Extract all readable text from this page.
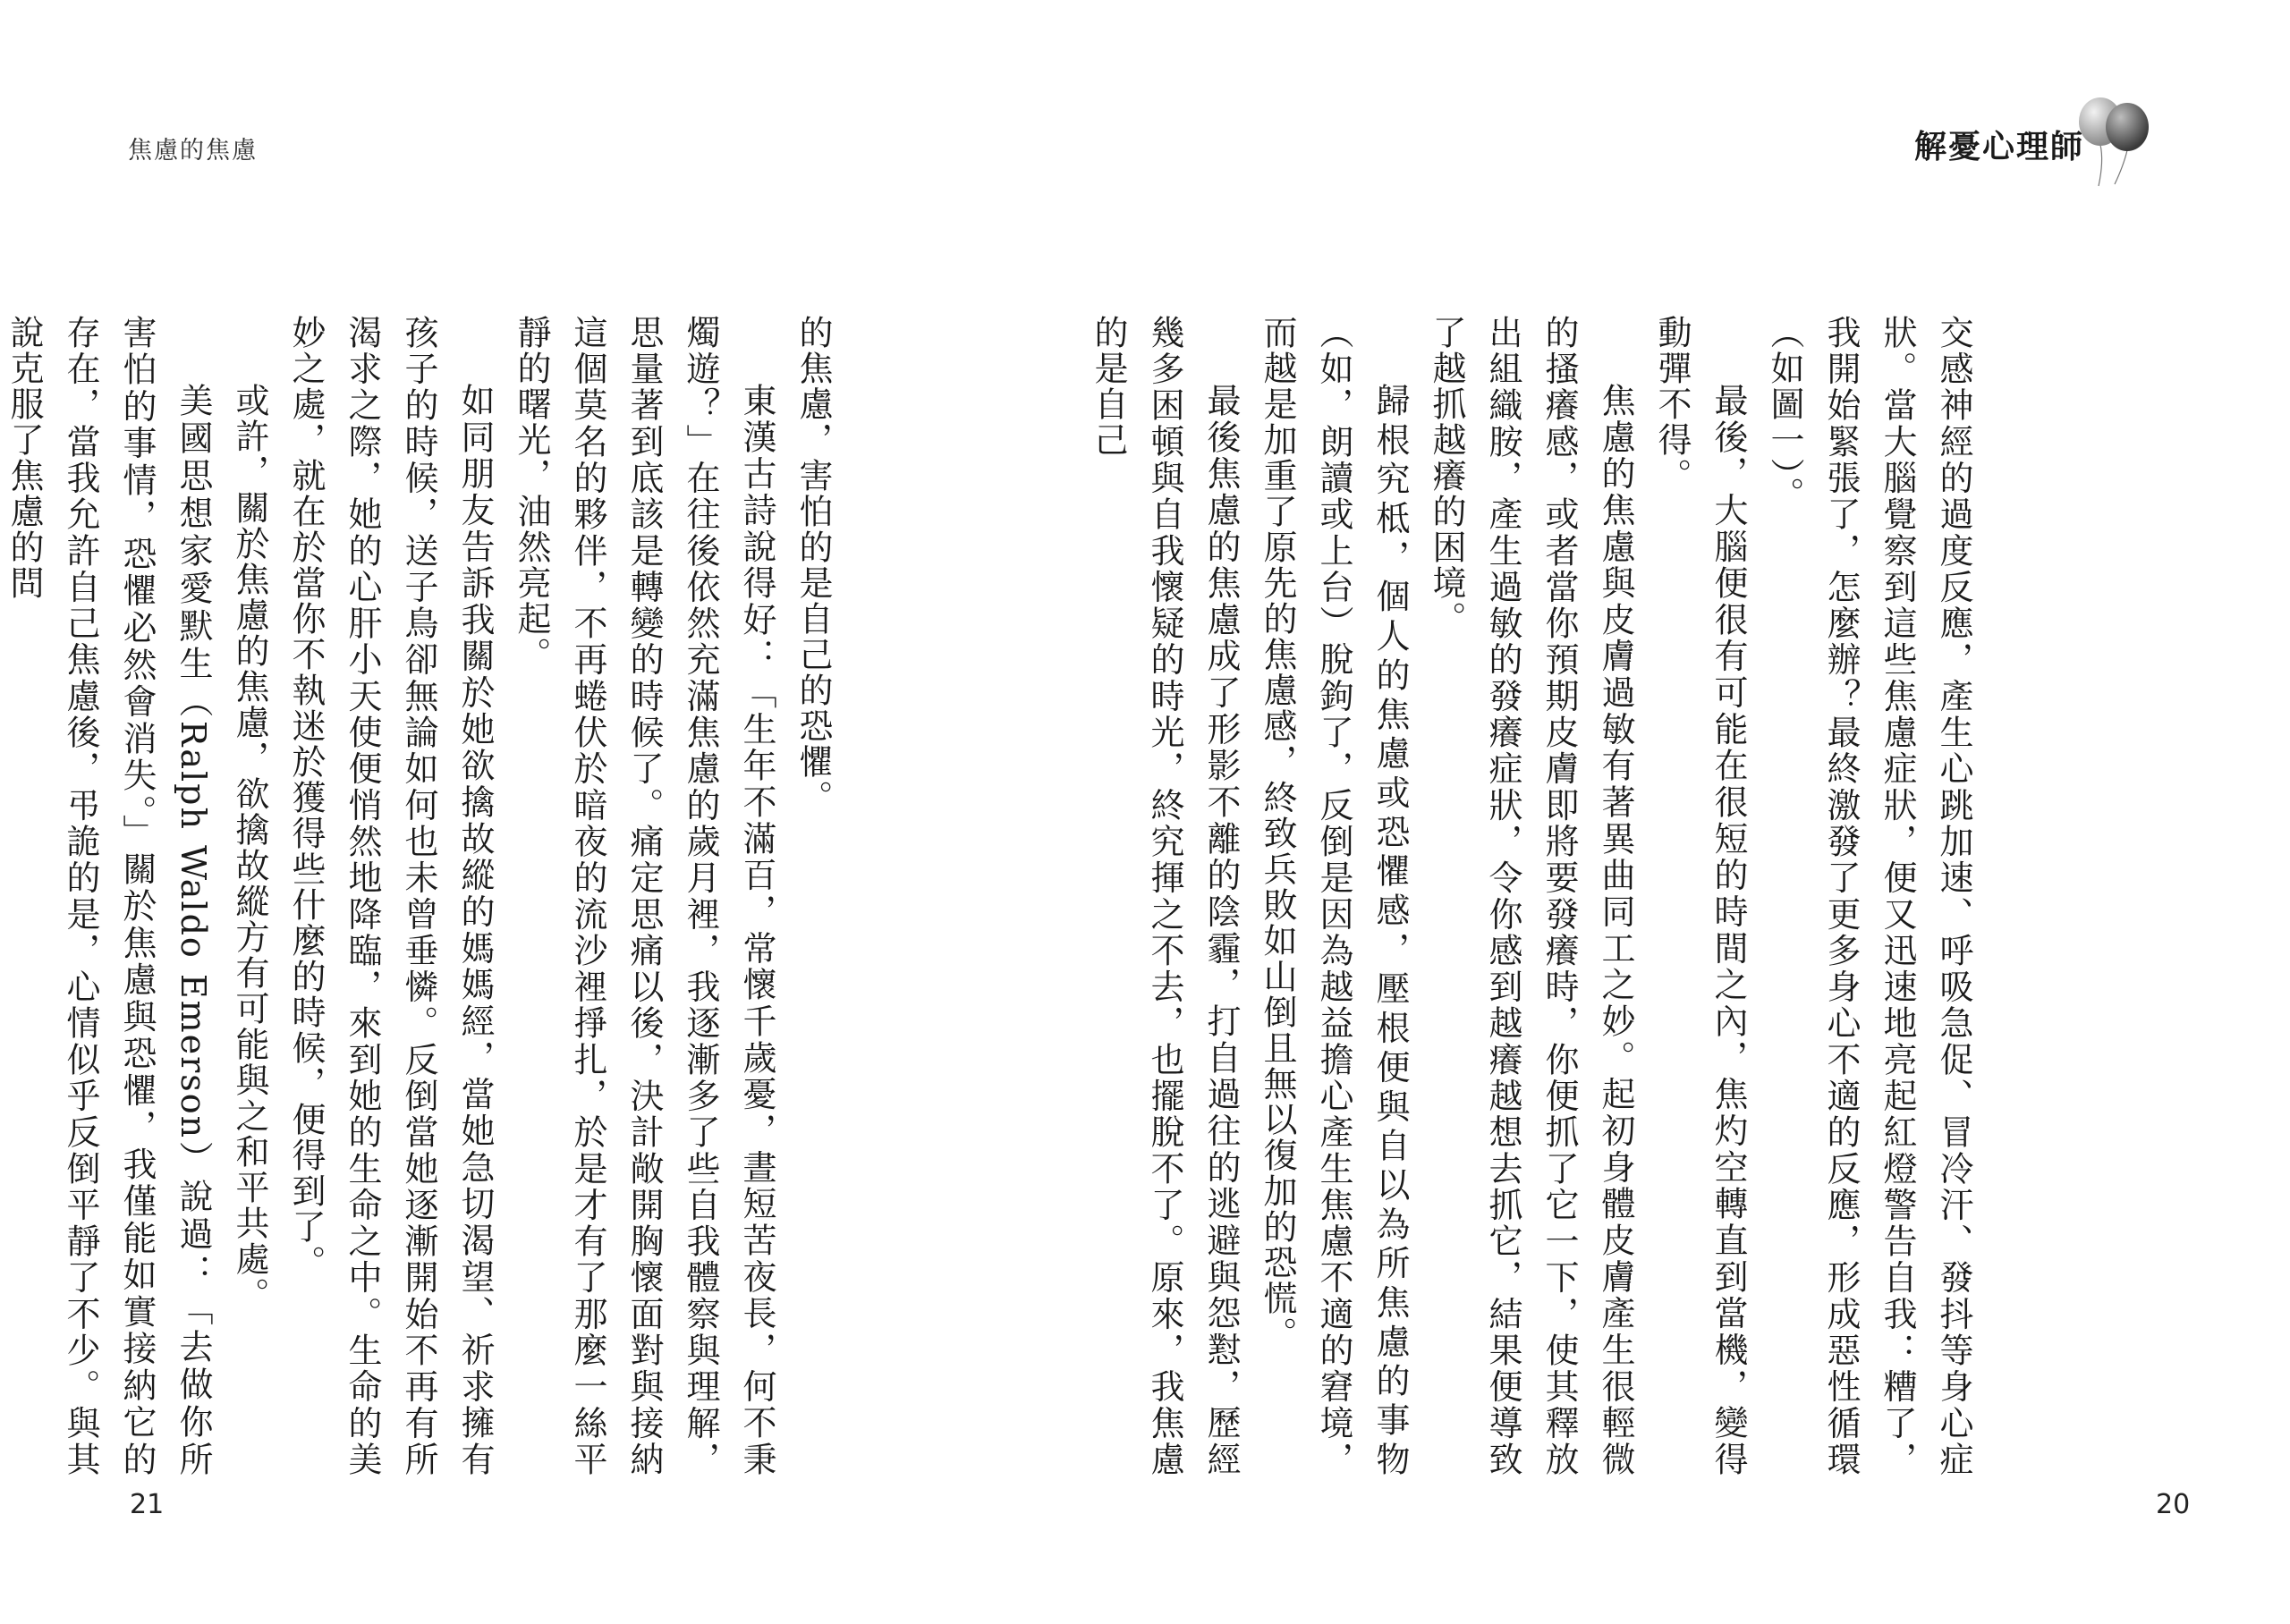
焦慮的焦慮	解憂心理師

交感神經的過度反應，產生心跳加速、呼吸急促、冒冷汗、發抖等身心症狀。當大腦覺察到這些焦慮症狀，便又迅速地亮起紅燈警告自我：糟了，我開始緊張了，怎麼辦？最終激發了更多身心不適的反應，形成惡性循環（如圖一）。

最後，大腦便很有可能在很短的時間之內，焦灼空轉直到當機，變得動彈不得。

焦慮的焦慮與皮膚過敏有著異曲同工之妙。起初身體皮膚產生很輕微的搔癢感，或者當你預期皮膚即將要發癢時，你便抓了它一下，使其釋放出組織胺，產生過敏的發癢症狀，令你感到越癢越想去抓它，結果便導致了越抓越癢的困境。

歸根究柢，個人的焦慮或恐懼感，壓根便與自以為所焦慮的事物（如，朗讀或上台）脫鉤了，反倒是因為越益擔心產生焦慮不適的窘境，而越是加重了原先的焦慮感，終致兵敗如山倒且無以復加的恐慌。

最後焦慮的焦慮成了形影不離的陰霾，打自過往的逃避與怨懟，歷經幾多困頓與自我懷疑的時光，終究揮之不去，也擺脫不了。原來，我焦慮的是自己

的焦慮，害怕的是自己的恐懼。

東漢古詩說得好：「生年不滿百，常懷千歲憂，晝短苦夜長，何不秉燭遊？」在往後依然充滿焦慮的歲月裡，我逐漸多了些自我體察與理解，思量著到底該是轉變的時候了。痛定思痛以後，決計敞開胸懷面對與接納這個莫名的夥伴，不再蜷伏於暗夜的流沙裡掙扎，於是才有了那麼一絲平靜的曙光，油然亮起。

如同朋友告訴我關於她欲擒故縱的媽媽經，當她急切渴望、祈求擁有孩子的時候，送子鳥卻無論如何也未曾垂憐。反倒當她逐漸開始不再有所渴求之際，她的心肝小天使便悄然地降臨，來到她的生命之中。生命的美妙之處，就在於當你不執迷於獲得些什麼的時候，便得到了。

或許，關於焦慮的焦慮，欲擒故縱方有可能與之和平共處。

美國思想家愛默生（Ralph Waldo Emerson）說過：「去做你所害怕的事情，恐懼必然會消失。」關於焦慮與恐懼，我僅能如實接納它的存在，當我允許自己焦慮後，弔詭的是，心情似乎反倒平靜了不少。與其說克服了焦慮的問

21	20
